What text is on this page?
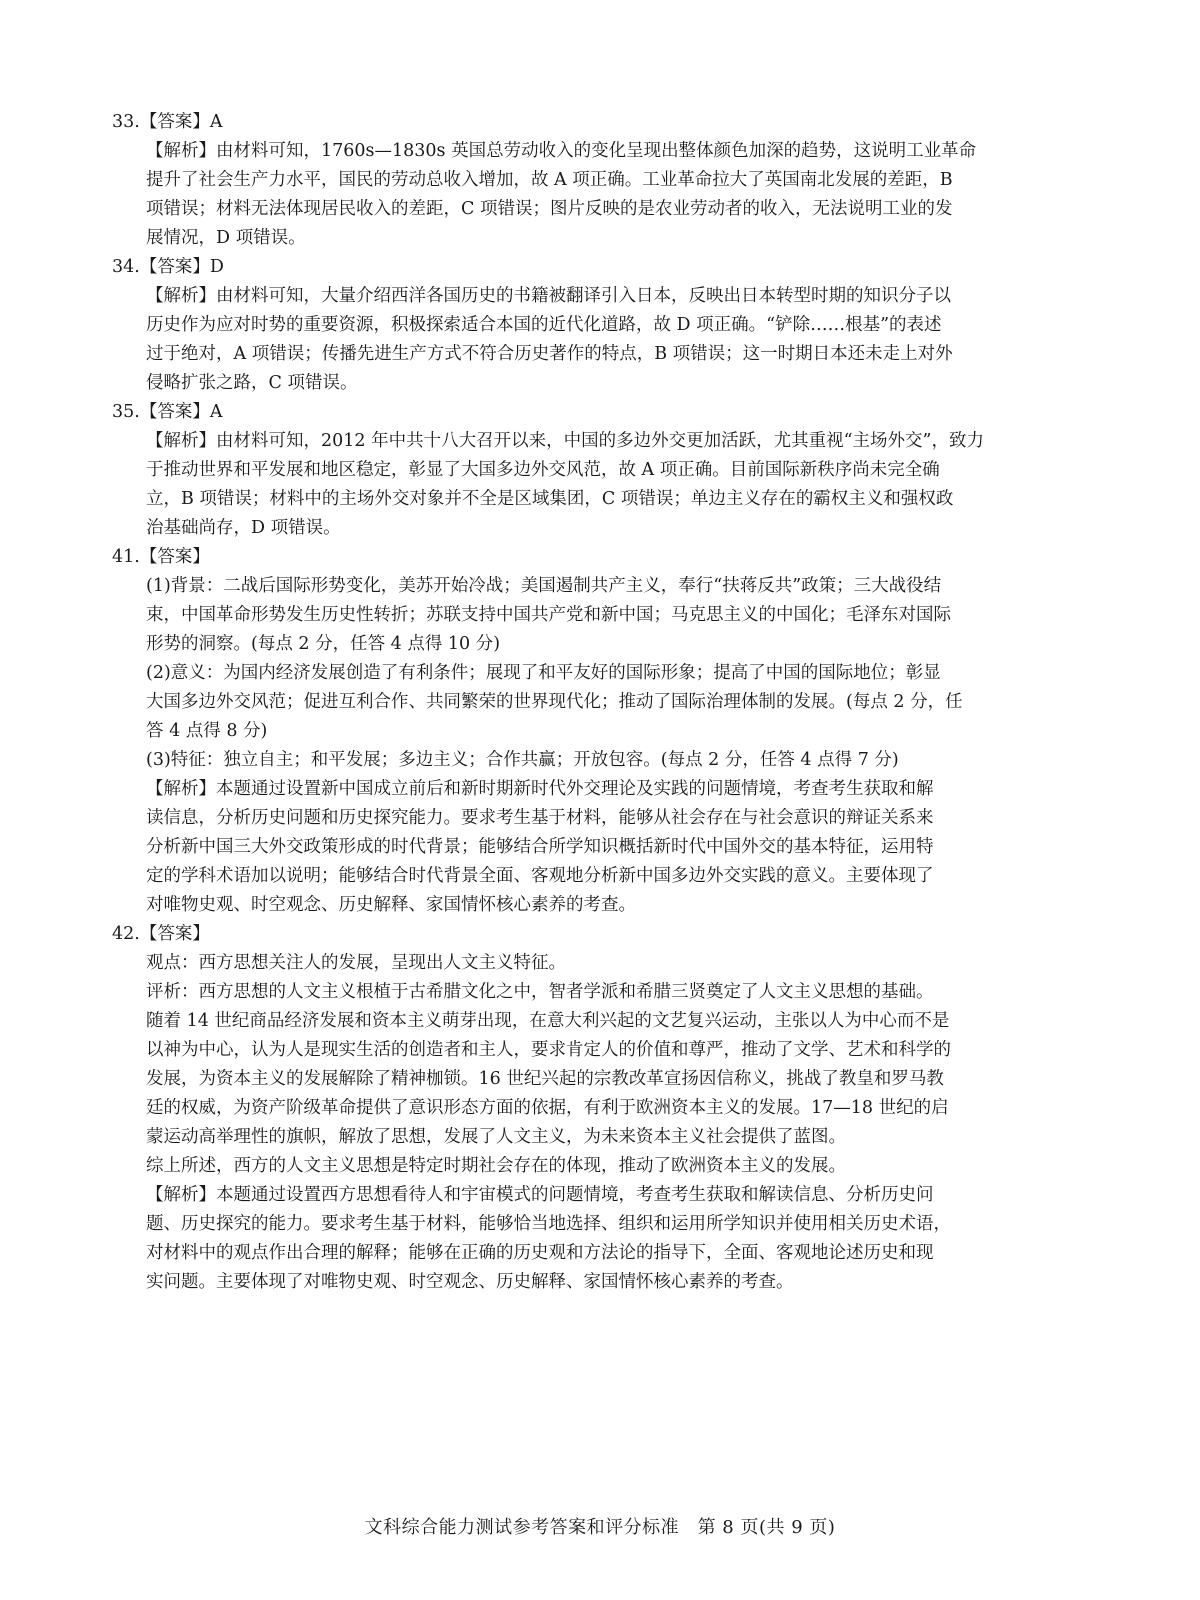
33.【答案】A
【解析】由材料可知，1760s—1830s 英国总劳动收入的变化呈现出整体颜色加深的趋势，这说明工业革命
提升了社会生产力水平，国民的劳动总收入增加，故 A 项正确。工业革命拉大了英国南北发展的差距，B
项错误；材料无法体现居民收入的差距，C 项错误；图片反映的是农业劳动者的收入，无法说明工业的发
展情况，D 项错误。
34.【答案】D
【解析】由材料可知，大量介绍西洋各国历史的书籍被翻译引入日本，反映出日本转型时期的知识分子以
历史作为应对时势的重要资源，积极探索适合本国的近代化道路，故 D 项正确。“铲除……根基”的表述
过于绝对，A 项错误；传播先进生产方式不符合历史著作的特点，B 项错误；这一时期日本还未走上对外
侵略扩张之路，C 项错误。
35.【答案】A
【解析】由材料可知，2012 年中共十八大召开以来，中国的多边外交更加活跃，尤其重视“主场外交”，致力
于推动世界和平发展和地区稳定，彰显了大国多边外交风范，故 A 项正确。目前国际新秩序尚未完全确
立，B 项错误；材料中的主场外交对象并不全是区域集团，C 项错误；单边主义存在的霸权主义和强权政
治基础尚存，D 项错误。
41.【答案】
(1)背景：二战后国际形势变化，美苏开始冷战；美国遏制共产主义，奉行“扶蒋反共”政策；三大战役结
束，中国革命形势发生历史性转折；苏联支持中国共产党和新中国；马克思主义的中国化；毛泽东对国际
形势的洞察。(每点 2 分，任答 4 点得 10 分)
(2)意义：为国内经济发展创造了有利条件；展现了和平友好的国际形象；提高了中国的国际地位；彰显
大国多边外交风范；促进互利合作、共同繁荣的世界现代化；推动了国际治理体制的发展。(每点 2 分，任
答 4 点得 8 分)
(3)特征：独立自主；和平发展；多边主义；合作共赢；开放包容。(每点 2 分，任答 4 点得 7 分)
【解析】本题通过设置新中国成立前后和新时期新时代外交理论及实践的问题情境，考查考生获取和解
读信息，分析历史问题和历史探究能力。要求考生基于材料，能够从社会存在与社会意识的辩证关系来
分析新中国三大外交政策形成的时代背景；能够结合所学知识概括新时代中国外交的基本特征，运用特
定的学科术语加以说明；能够结合时代背景全面、客观地分析新中国多边外交实践的意义。主要体现了
对唯物史观、时空观念、历史解释、家国情怀核心素养的考查。
42.【答案】
观点：西方思想关注人的发展，呈现出人文主义特征。
评析：西方思想的人文主义根植于古希腊文化之中，智者学派和希腊三贤奠定了人文主义思想的基础。
随着 14 世纪商品经济发展和资本主义萌芽出现，在意大利兴起的文艺复兴运动，主张以人为中心而不是
以神为中心，认为人是现实生活的创造者和主人，要求肯定人的价值和尊严，推动了文学、艺术和科学的
发展，为资本主义的发展解除了精神枷锁。16 世纪兴起的宗教改革宣扬因信称义，挑战了教皇和罗马教
廷的权威，为资产阶级革命提供了意识形态方面的依据，有利于欧洲资本主义的发展。17—18 世纪的启
蒙运动高举理性的旗帜，解放了思想，发展了人文主义，为未来资本主义社会提供了蓝图。
综上所述，西方的人文主义思想是特定时期社会存在的体现，推动了欧洲资本主义的发展。
【解析】本题通过设置西方思想看待人和宇宙模式的问题情境，考查考生获取和解读信息、分析历史问
题、历史探究的能力。要求考生基于材料，能够恰当地选择、组织和运用所学知识并使用相关历史术语，
对材料中的观点作出合理的解释；能够在正确的历史观和方法论的指导下，全面、客观地论述历史和现
实问题。主要体现了对唯物史观、时空观念、历史解释、家国情怀核心素养的考查。
文科综合能力测试参考答案和评分标准　第 8 页(共 9 页)
